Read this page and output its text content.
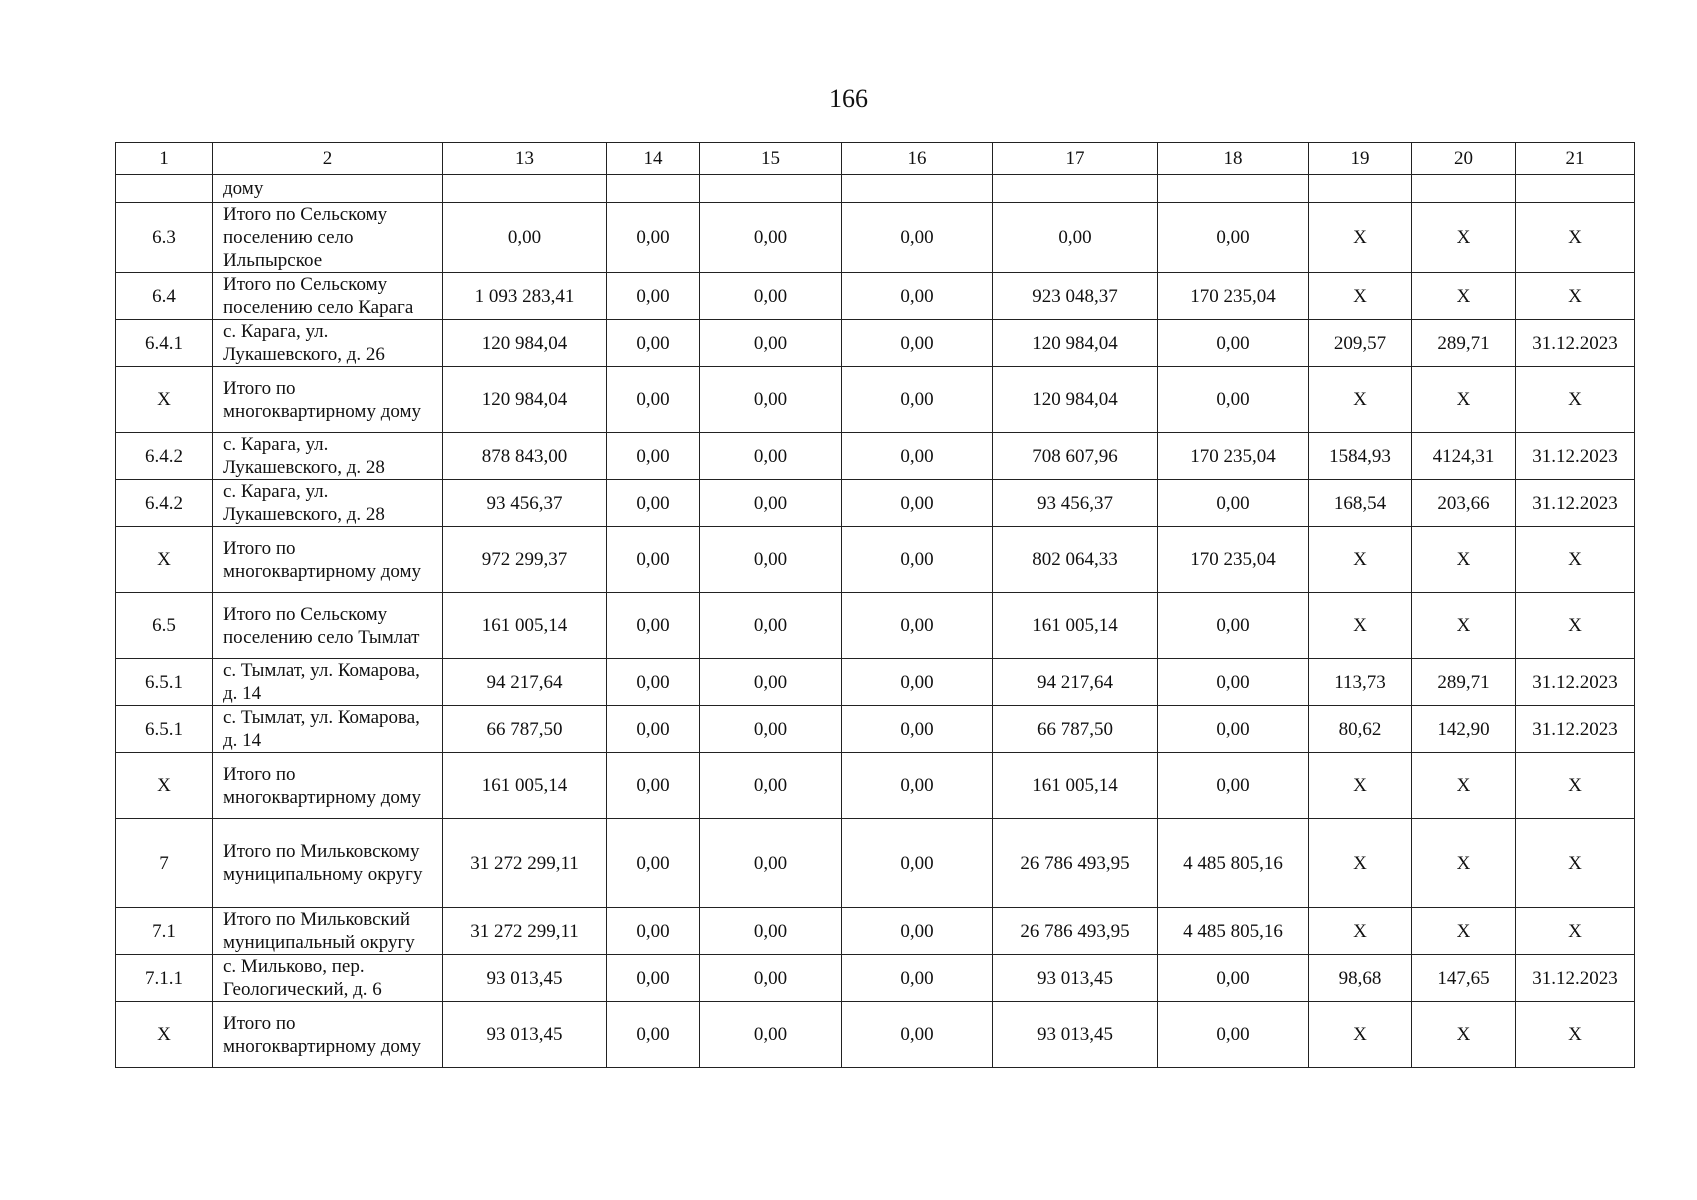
166
1	2	13	14	15	16	17	18	19	20	21
	дому									
6.3	Итого по Сельскому поселению село Ильпырское	0,00	0,00	0,00	0,00	0,00	0,00	Х	Х	Х
6.4	Итого по Сельскому поселению село Карага	1 093 283,41	0,00	0,00	0,00	923 048,37	170 235,04	Х	Х	Х
6.4.1	с. Карага, ул. Лукашевского, д. 26	120 984,04	0,00	0,00	0,00	120 984,04	0,00	209,57	289,71	31.12.2023
Х	Итого по многоквартирному дому	120 984,04	0,00	0,00	0,00	120 984,04	0,00	Х	Х	Х
6.4.2	с. Карага, ул. Лукашевского, д. 28	878 843,00	0,00	0,00	0,00	708 607,96	170 235,04	1584,93	4124,31	31.12.2023
6.4.2	с. Карага, ул. Лукашевского, д. 28	93 456,37	0,00	0,00	0,00	93 456,37	0,00	168,54	203,66	31.12.2023
Х	Итого по многоквартирному дому	972 299,37	0,00	0,00	0,00	802 064,33	170 235,04	Х	Х	Х
6.5	Итого по Сельскому поселению село Тымлат	161 005,14	0,00	0,00	0,00	161 005,14	0,00	Х	Х	Х
6.5.1	с. Тымлат, ул. Комарова, д. 14	94 217,64	0,00	0,00	0,00	94 217,64	0,00	113,73	289,71	31.12.2023
6.5.1	с. Тымлат, ул. Комарова, д. 14	66 787,50	0,00	0,00	0,00	66 787,50	0,00	80,62	142,90	31.12.2023
Х	Итого по многоквартирному дому	161 005,14	0,00	0,00	0,00	161 005,14	0,00	Х	Х	Х
7	Итого по Мильковскому муниципальному округу	31 272 299,11	0,00	0,00	0,00	26 786 493,95	4 485 805,16	Х	Х	Х
7.1	Итого по Мильковский муниципальный округу	31 272 299,11	0,00	0,00	0,00	26 786 493,95	4 485 805,16	Х	Х	Х
7.1.1	с. Мильково, пер. Геологический, д. 6	93 013,45	0,00	0,00	0,00	93 013,45	0,00	98,68	147,65	31.12.2023
Х	Итого по многоквартирному дому	93 013,45	0,00	0,00	0,00	93 013,45	0,00	Х	Х	Х
